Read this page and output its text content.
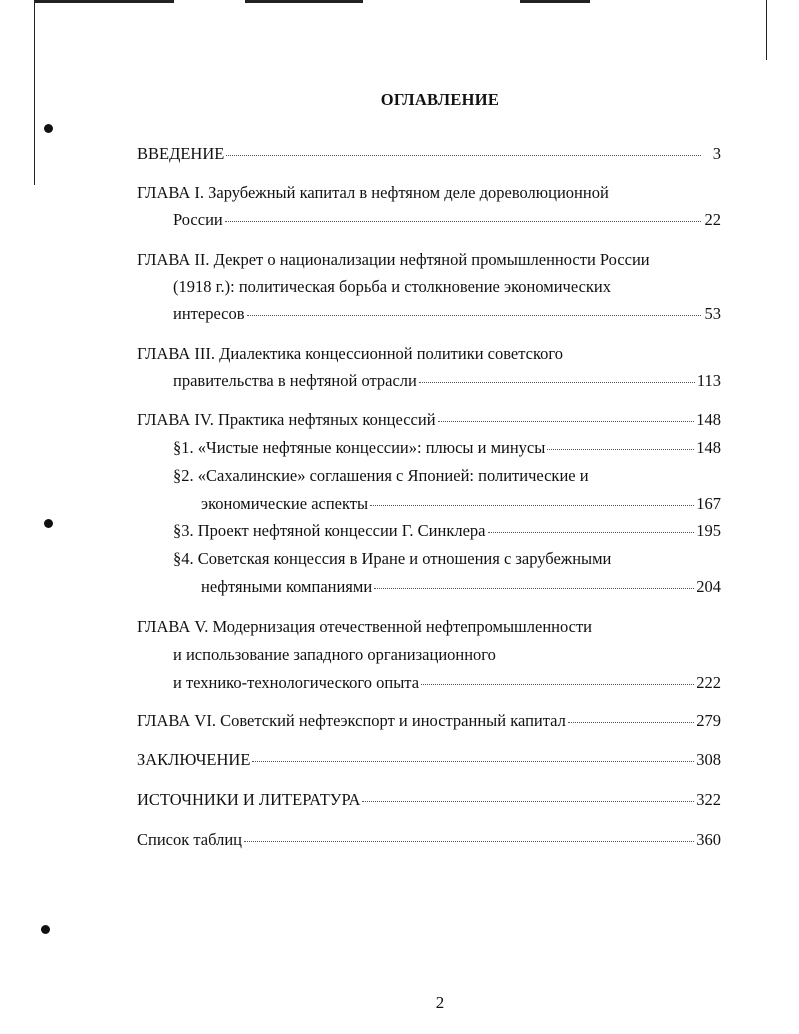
ОГЛАВЛЕНИЕ
ВВЕДЕНИЕ	3
ГЛАВА I. Зарубежный капитал в нефтяном деле дореволюционной
России	22
ГЛАВА II. Декрет о национализации нефтяной промышленности России
(1918 г.): политическая борьба и столкновение экономических
интересов	53
ГЛАВА III. Диалектика концессионной политики советского
правительства в нефтяной отрасли	113
ГЛАВА IV. Практика нефтяных концессий	148
§1. «Чистые нефтяные концессии»: плюсы и минусы	148
§2. «Сахалинские» соглашения с Японией: политические и
экономические аспекты	167
§3. Проект нефтяной концессии Г. Синклера	195
§4. Советская концессия в Иране и отношения с зарубежными
нефтяными компаниями	204
ГЛАВА V. Модернизация отечественной нефтепромышленности
и использование западного организационного
и технико-технологического опыта	222
ГЛАВА VI. Советский нефтеэкспорт и иностранный капитал	279
ЗАКЛЮЧЕНИЕ	308
ИСТОЧНИКИ И ЛИТЕРАТУРА	322
Список таблиц	360
2
